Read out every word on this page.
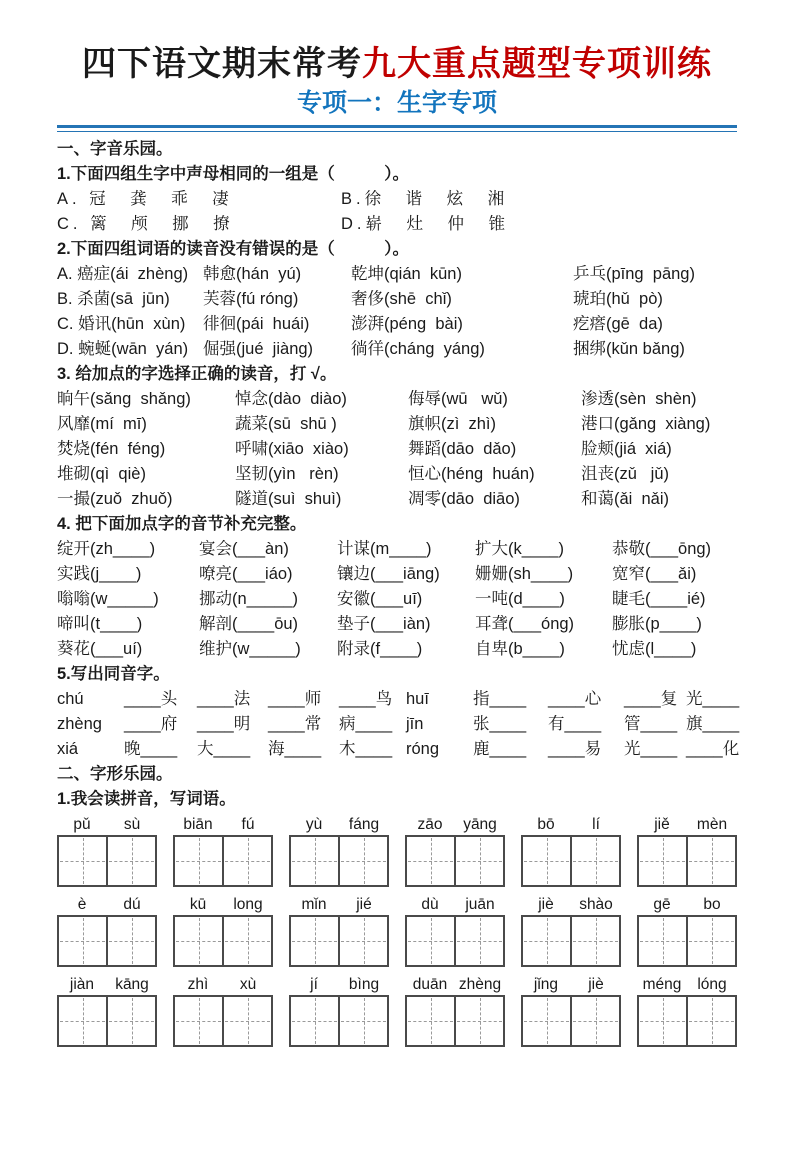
四下语文期末常考九大重点题型专项训练
专项一：生字专项
一、字音乐园。
1.下面四组生字中声母相同的一组是（　　　）。
A. 冠　龚　乖　凄	B.徐　谐　炫　湘
C. 篱　颅　挪　撩	D.崭　灶　仲　锥
2.下面四组词语的读音没有错误的是（　　　）。
A. 癌症(ái  zhèng) 韩愈(hán  yú)	乾坤(qián  kūn)	乒乓(pīng  pāng)
B. 杀菌(sā  jūn)	芙蓉(fú róng)	奢侈(shē  chǐ)	琥珀(hǔ  pò)
C. 婚讯(hūn  xùn)	徘徊(pái  huái)	澎湃(péng  bài)	疙瘩(gē  da)
D. 蜿蜒(wān  yán) 倔强(jué  jiàng)	徜徉(cháng  yáng)	捆绑(kǔn bǎng)
3. 给加点的字选择正确的读音，打 √。
晌午(sǎng  shǎng)	悼念(dào  diào)	侮辱(wū   wǔ)	渗透(sèn  shèn)
风靡(mí  mī)	蔬菜(sū  shū )	旗帜(zì  zhì)	港口(gǎng  xiàng)
焚烧(fén  féng)	呼啸(xiāo  xiào)	舞蹈(dāo  dǎo)	脸颊(jiá  xiá)
堆砌(qì  qiè)	坚韧(yìn   rèn)	恒心(héng  huán)	沮丧(zǔ   jǔ)
一撮(zuǒ  zhuǒ)	隧道(suì  shuì)	凋零(dāo  diāo)	和蔼(ǎi  nǎi)
4. 把下面加点字的音节补充完整。
绽开(zh____)	宴会(___àn)	计谋(m____)	扩大(k____)	恭敬(___ōng)
实践(j____)	嘹亮(___iáo)	镶边(___iāng)	姗姗(sh____)	宽窄(___ǎi)
嗡嗡(w_____)	挪动(n_____)	安徽(___uī)	一吨(d____)	睫毛(____ié)
啼叫(t____)	解剖(____ōu)	垫子(___iàn)	耳聋(___óng)	膨胀(p____)
葵花(___uí)	维护(w_____)	附录(f____)	自卑(b____)	忧虑(l____)
5.写出同音字。
chú	____头	____法	____师	____鸟 huī	指____	____心	____复 光____
zhèng	____府	____明	____常	病____ jīn	张____	有____	管____ 旗____
xiá	晚____	大____	海____	木____ róng	鹿____	____易	光____ ____化
二、字形乐园。
1.我会读拼音，写词语。
pǔ	sù	biān	fú	yù	fáng	zāo	yāng	bō	lí	jiě	mèn
è	dú	kū	long	mǐn	jié	dù	juān	jiè	shào	gē	bo
jiàn	kāng	zhì	xù	jí	bìng	duān zhèng	jǐng	jiè	méng	lóng
